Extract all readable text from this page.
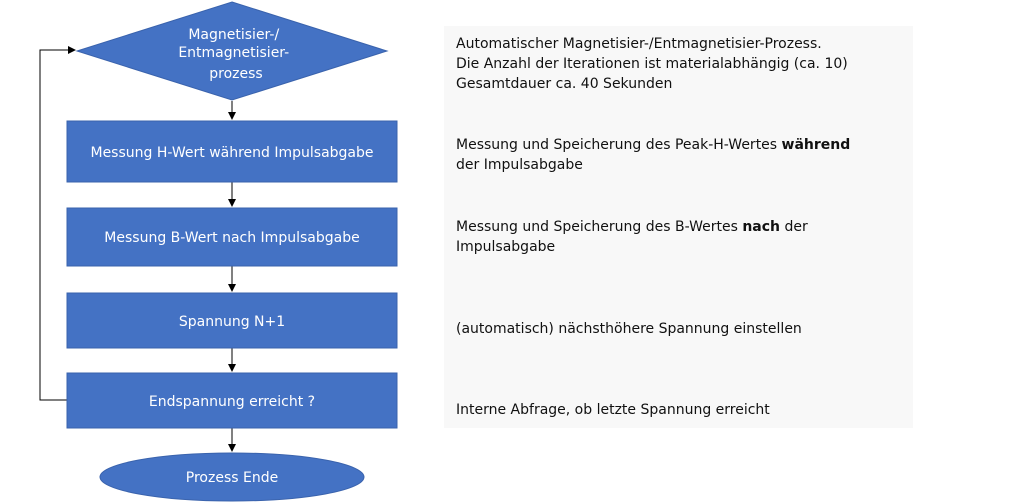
Magnetisier-/ Entmagnetisier- prozess
Messung H-Wert während Impulsabgabe
Messung B-Wert nach Impulsabgabe
Spannung N+1
Endspannung erreicht ?
Prozess Ende
Automatischer Magnetisier-/Entmagnetisier-Prozess.
Die Anzahl der Iterationen ist materialabhängig (ca. 10)
Gesamtdauer ca. 40 Sekunden
Messung und Speicherung des Peak-H-Wertes während
der Impulsabgabe
Messung und Speicherung des B-Wertes nach der
Impulsabgabe
(automatisch) nächsthöhere Spannung einstellen
Interne Abfrage, ob letzte Spannung erreicht
